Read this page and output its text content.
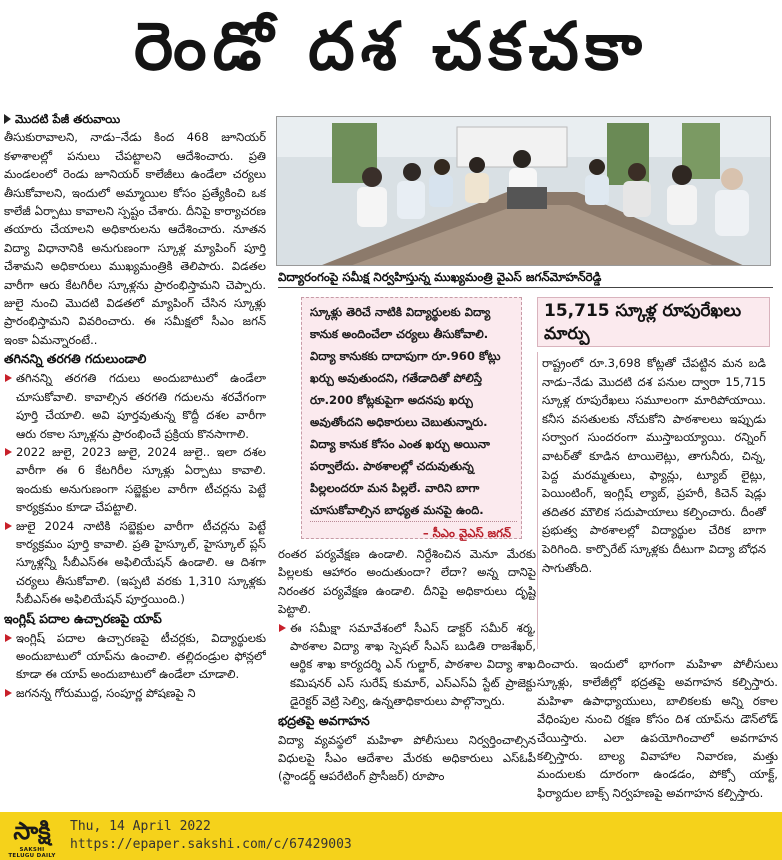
రెండో దశ చకచకా

మొదటి పేజీ తరువాయి

తీసుకురావాలని, నాడు–నేడు కింద 468 జూనియర్‌ కళాశాలల్లో పనులు చేపట్టాలని ఆదేశించారు. ప్రతి మండలంలో రెండు జూనియర్‌ కాలేజీలు ఉండేలా చర్యలు తీసుకోవాలని, ఇందులో అమ్మాయిల కోసం ప్రత్యేకించి ఒక కాలేజీ ఏర్పాటు కావాలని స్పష్టం చేశారు. దీనిపై కార్యాచరణ తయారు చేయాలని అధికారులను ఆదేశించారు. నూతన విద్యా విధానానికి అనుగుణంగా స్కూళ్ల మ్యాపింగ్‌ పూర్తి చేశామని అధికారులు ముఖ్యమంత్రికి తెలిపారు. విడతల వారీగా ఆరు కేటగిరీల స్కూళ్లను ప్రారంభిస్తామని చెప్పారు. జులై నుంచి మొదటి విడతలో మ్యాపింగ్‌ చేసిన స్కూళ్లు ప్రారంభిస్తామని వివరించారు. ఈ సమీక్షలో సీఎం జగన్‌ ఇంకా ఏమన్నారంటే..

తగినన్ని తరగతి గదులుండాలి

తగినన్ని తరగతి గదులు అందుబాటులో ఉండేలా చూసుకోవాలి. కావాల్సిన తరగతి గదులను శరవేగంగా పూర్తి చేయాలి. అవి పూర్తవుతున్న కొద్దీ దశల వారీగా ఆరు రకాల స్కూళ్లను ప్రారంభించే ప్రక్రియ కొనసాగాలి.

2022 జులై, 2023 జులై, 2024 జులై.. ఇలా దశల వారీగా ఈ 6 కేటగిరీల స్కూళ్లు ఏర్పాటు కావాలి. ఇందుకు అనుగుణంగా సబ్జెక్టుల వారీగా టీచర్లను పెట్టే కార్యక్రమం కూడా చేపట్టాలి.

జులై 2024 నాటికి సబ్జెక్టుల వారీగా టీచర్లను పెట్టే కార్యక్రమం పూర్తి కావాలి. ప్రతి హైస్కూల్‌, హైస్కూల్‌ ప్లస్‌ స్కూళ్లన్నీ సీబీఎస్‌ఈ అఫిలియేషన్‌ ఉండాలి. ఆ దిశగా చర్యలు తీసుకోవాలి. (ఇప్పటి వరకు 1,310 స్కూళ్లకు సీబీఎస్‌ఈ అఫిలియేషన్‌ పూర్తయింది.)

ఇంగ్లిష్‌ పదాల ఉచ్చారణపై యాప్‌

ఇంగ్లిష్‌ పదాల ఉచ్చారణపై టీచర్లకు, విద్యార్థులకు అందుబాటులో యాప్‌ను ఉంచాలి. తల్లిదండ్రుల ఫోన్లలో కూడా ఈ యాప్‌ అందుబాటులో ఉండేలా చూడాలి.

జగనన్న గోరుముద్ద, సంపూర్ణ పోషణపై ని

విద్యారంగంపై సమీక్ష నిర్వహిస్తున్న ముఖ్యమంత్రి వైఎస్‌ జగన్‌మోహన్‌రెడ్డి
స్కూళ్లు తెరిచే నాటికి విద్యార్థులకు విద్యా కానుక అందించేలా చర్యలు తీసుకోవాలి. విద్యా కానుకకు దాదాపుగా రూ.960 కోట్లు ఖర్చు అవుతుందని, గతేడాదితో పోలిస్తే రూ.200 కోట్లకుపైగా అదనపు ఖర్చు అవుతోందని అధికారులు చెబుతున్నారు. విద్యా కానుక కోసం ఎంత ఖర్చు అయినా పర్వాలేదు. పాఠశాలల్లో చదువుతున్న పిల్లలందరూ మన పిల్లలే. వారిని బాగా చూసుకోవాల్సిన బాధ్యత మనపై ఉంది.
– సీఎం వైఎస్‌ జగన్‌
15,715 స్కూళ్ల రూపురేఖలు మార్పు
రాష్ట్రంలో రూ.3,698 కోట్లతో చేపట్టిన మన బడి నాడు–నేడు మొదటి దశ పనుల ద్వారా 15,715 స్కూళ్ల రూపురేఖలు సమూలంగా మారిపోయాయి. కనీస వసతులకు నోచుకోని పాఠశాలలు ఇప్పుడు సర్వాంగ సుందరంగా ముస్తాబయ్యాయి. రన్నింగ్‌ వాటర్‌తో కూడిన టాయిలెట్లు, తాగునీరు, చిన్న, పెద్ద మరమ్మతులు, ఫ్యాన్లు, ట్యూబ్‌ లైట్లు, పెయింటింగ్‌, ఇంగ్లిష్‌ ల్యాబ్‌, ప్రహరీ, కిచెన్‌ షెడ్లు తదితర మౌలిక సదుపాయాలు కల్పించారు. దీంతో ప్రభుత్వ పాఠశాలల్లో విద్యార్థుల చేరిక బాగా పెరిగింది. కార్పొరేట్‌ స్కూళ్లకు దీటుగా విద్యా బోధన సాగుతోంది.

రంతర పర్యవేక్షణ ఉండాలి. నిర్దేశించిన మెనూ మేరకు పిల్లలకు ఆహారం అందుతుందా? లేదా? అన్న దానిపై నిరంతర పర్యవేక్షణ ఉండాలి. దీనిపై అధికారులు దృష్టి పెట్టాలి.

ఈ సమీక్షా సమావేశంలో సీఎస్‌ డాక్టర్‌ సమీర్‌ శర్మ, పాఠశాల విద్యా శాఖ స్పెషల్‌ సీఎస్‌ బుడితి రాజశేఖర్‌, ఆర్థిక శాఖ కార్యదర్శి ఎన్‌ గుల్జార్‌, పాఠశాల విద్యా శాఖ కమిషనర్‌ ఎస్‌ సురేష్‌ కుమార్‌, ఎస్‌ఎస్‌ఏ స్టేట్‌ ప్రాజెక్టు డైరెక్టర్‌ వెట్రి సెల్వి, ఉన్నతాధికారులు పాల్గొన్నారు.

భద్రతపై అవగాహన

విద్యా వ్యవస్థలో మహిళా పోలీసులు నిర్వర్తించాల్సిన విధులపై సీఎం ఆదేశాల మేరకు అధికారులు ఎస్‌ఓపీ (స్టాండర్డ్‌ ఆపరేటింగ్‌ ప్రొసీజర్‌) రూపొం

దించారు. ఇందులో భాగంగా మహిళా పోలీసులు స్కూళ్లు, కాలేజీల్లో భద్రతపై అవగాహన కల్పిస్తారు. మహిళా ఉపాధ్యాయులు, బాలికలకు అన్ని రకాల వేధింపుల నుంచి రక్షణ కోసం దిశ యాప్‌ను డౌన్‌లోడ్‌ చేయిస్తారు. ఎలా ఉపయోగించాలో అవగాహన కల్పిస్తారు. బాల్య వివాహాల నివారణ, మత్తు మందులకు దూరంగా ఉండడం, పోక్సో యాక్ట్‌, ఫిర్యాదుల బాక్స్‌ నిర్వహణపై అవగాహన కల్పిస్తారు.

సాక్షి
SAKSHI TELUGU DAILY
Thu, 14 April 2022
https://epaper.sakshi.com/c/67429003
